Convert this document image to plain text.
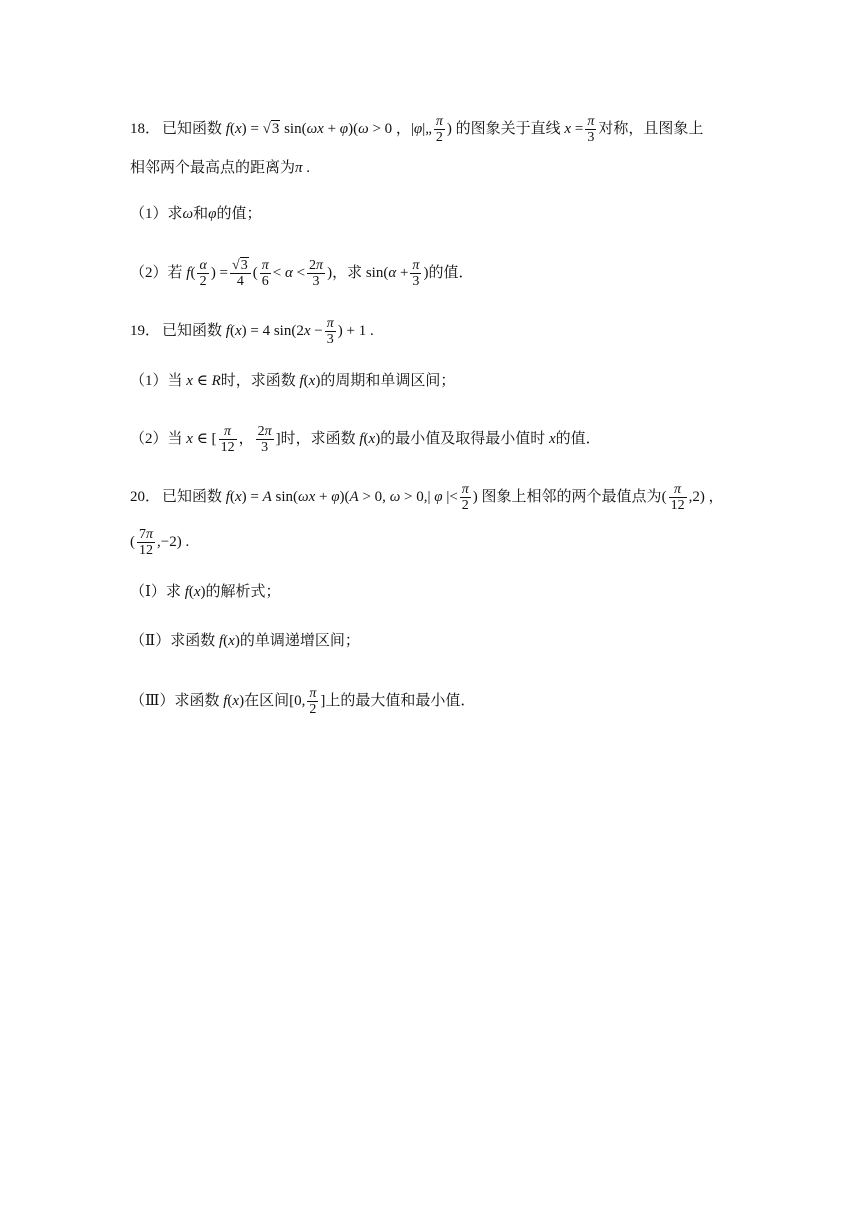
18． 已知函数 f(x) = √3 sin(ωx + φ)(ω > 0 ，|φ|„ $\frac{\pi}{2}$ ) 的图象关于直线 $x = \frac{\pi}{3}$ 对称，且图象上
相邻两个最高点的距离为π .
（1）求ω和φ的值；
（2）若 $f( \frac{\alpha}{2}$ ) = $\frac{√3}{4}$ ( $\frac{\pi}{6} < \alpha < \frac{2\pi}{3}$ )，求 $\sin(\alpha + \frac{\pi}{3}$ )的值．
19． 已知函数 f(x) = 4 $\sin(2x - \frac{\pi}{3}$ ) + 1 .
（1）当 x ∈ R时，求函数 f(x)的周期和单调区间；
（2）当 x ∈ [ $\frac{\pi}{12}$ ， $\frac{2\pi}{3}$ ]时，求函数 f(x)的最小值及取得最小值时 x的值．
20． 已知函数 f(x) = A sin(ωx + φ)(A > 0, ω > 0,| φ |< $\frac{\pi}{2}$ ) 图象上相邻的两个最值点为( $\frac{\pi}{12} ,2$) ，
( $\frac{7\pi}{12} ,-2$) .
（Ⅰ）求 f(x)的解析式；
（Ⅱ）求函数 f(x)的单调递增区间；
（Ⅲ）求函数 f(x)在区间[0, $\frac{\pi}{2}$ ]上的最大值和最小值．
